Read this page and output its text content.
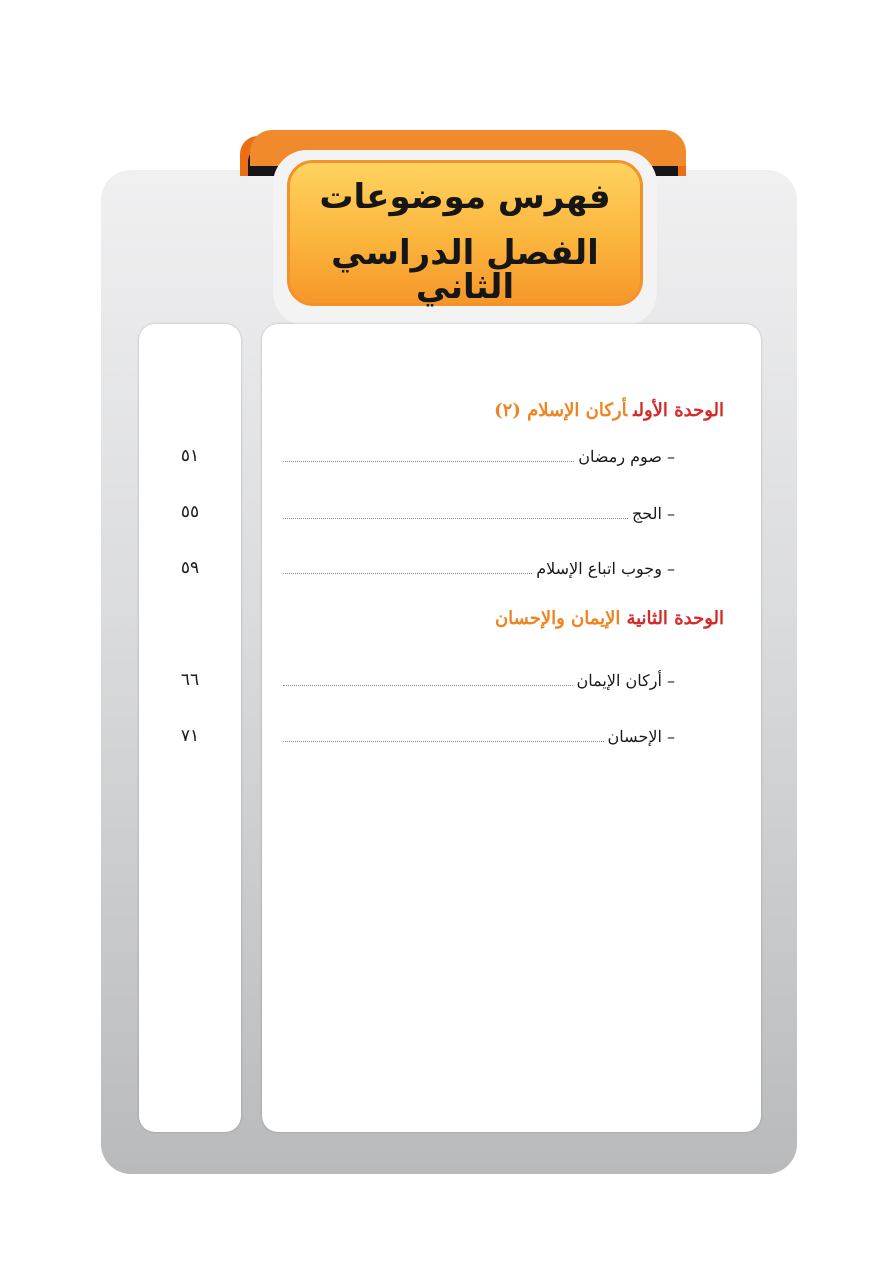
فهرس موضوعات
الفصل الدراسي الثاني
الوحدة الأولىأركان الإسلام (٢)
– صوم رمضان
٥١
– الحج
٥٥
– وجوب اتباع الإسلام
٥٩
الوحدة الثانيةالإيمان والإحسان
– أركان الإيمان
٦٦
– الإحسان
٧١
